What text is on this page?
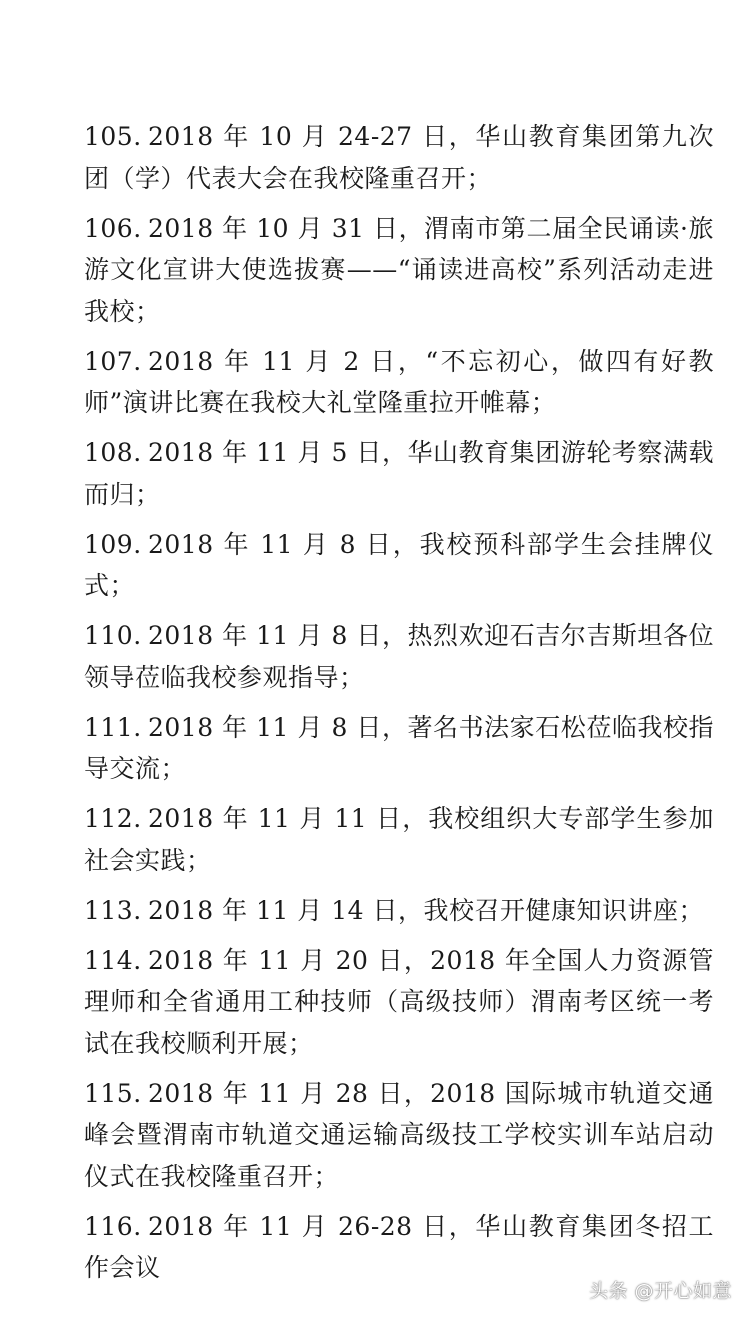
105. 2018 年 10 月 24-27 日，华山教育集团第九次团（学）代表大会在我校隆重召开；

106. 2018 年 10 月 31 日，渭南市第二届全民诵读·旅游文化宣讲大使选拔赛——“诵读进高校”系列活动走进我校；

107. 2018 年 11 月 2 日，“不忘初心，做四有好教师”演讲比赛在我校大礼堂隆重拉开帷幕；

108. 2018 年 11 月 5 日，华山教育集团游轮考察满载而归；

109. 2018 年 11 月 8 日，我校预科部学生会挂牌仪式；

110. 2018 年 11 月 8 日，热烈欢迎石吉尔吉斯坦各位领导莅临我校参观指导；

111. 2018 年 11 月 8 日，著名书法家石松莅临我校指导交流；

112. 2018 年 11 月 11 日，我校组织大专部学生参加社会实践；

113. 2018 年 11 月 14 日，我校召开健康知识讲座；

114. 2018 年 11 月 20 日，2018 年全国人力资源管理师和全省通用工种技师（高级技师）渭南考区统一考试在我校顺利开展；

115. 2018 年 11 月 28 日，2018 国际城市轨道交通峰会暨渭南市轨道交通运输高级技工学校实训车站启动仪式在我校隆重召开；

116. 2018 年 11 月 26-28 日，华山教育集团冬招工作会议

头条 @开心如意
